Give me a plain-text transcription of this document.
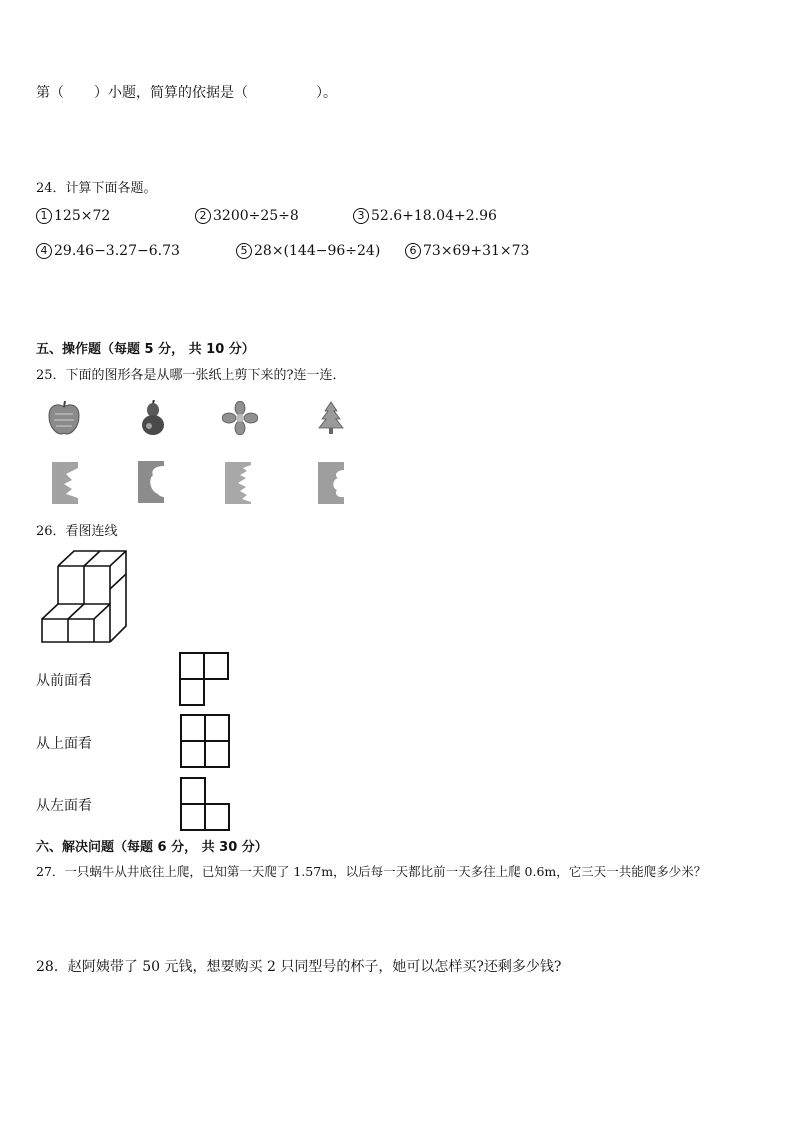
第（ ）小题，简算的依据是（	）。
24．计算下面各题。
1 125×72	2 3200÷25÷8	3 52.6+18.04+2.96
4 29.46−3.27−6.73	5 28×(144−96÷24)	6 73×69+31×73
五、操作题（每题 5 分， 共 10 分）
25．下面的图形各是从哪一张纸上剪下来的?连一连．
26．看图连线
从前面看
从上面看
从左面看
六、解决问题（每题 6 分， 共 30 分）
27．一只蜗牛从井底往上爬，已知第一天爬了 1.57m，以后每一天都比前一天多往上爬 0.6m，它三天一共能爬多少米？
28．赵阿姨带了 50 元钱，想要购买 2 只同型号的杯子，她可以怎样买?还剩多少钱?
